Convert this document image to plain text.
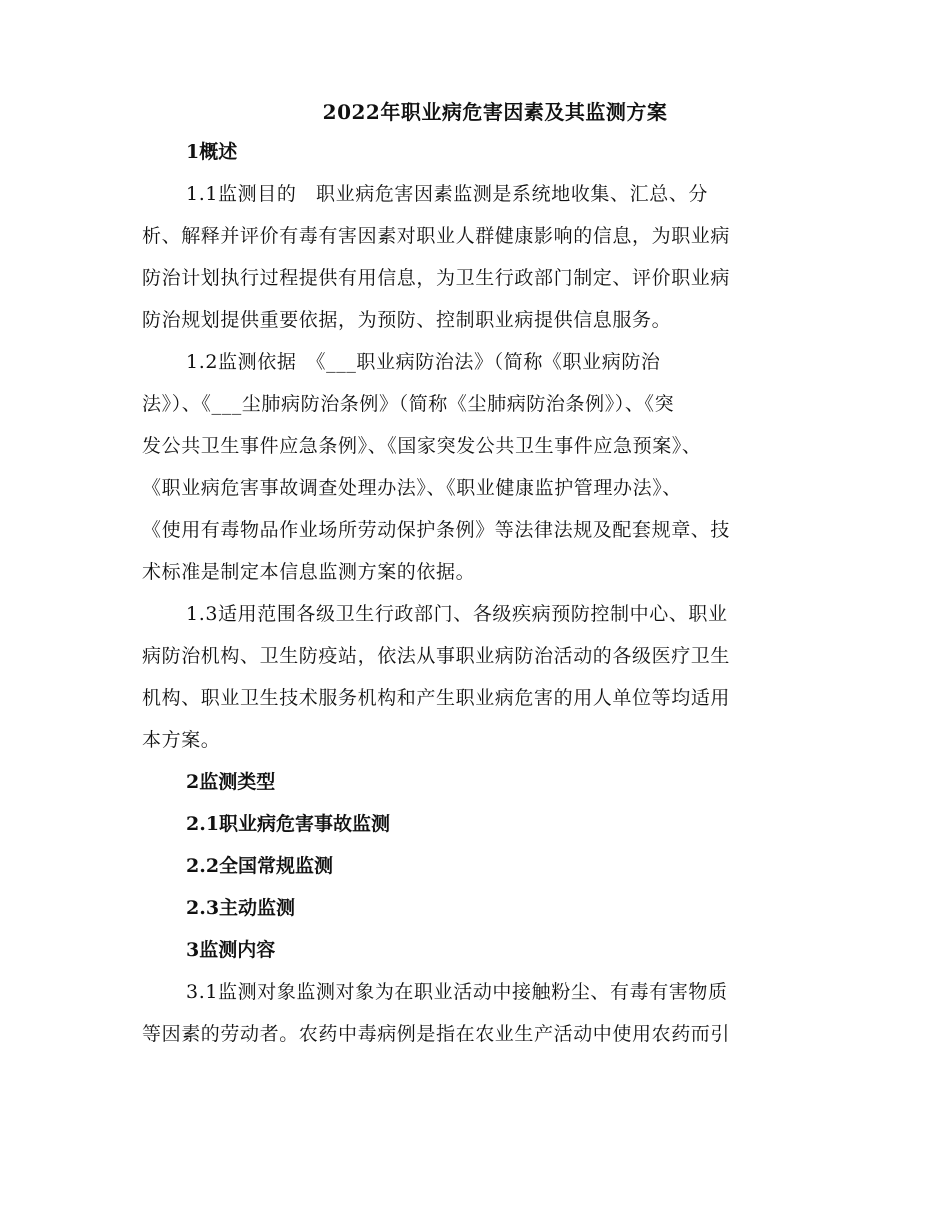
2022年职业病危害因素及其监测方案
1概述

1.1监测目的　职业病危害因素监测是系统地收集、汇总、分
析、解释并评价有毒有害因素对职业人群健康影响的信息，为职业病
防治计划执行过程提供有用信息，为卫生行政部门制定、评价职业病
防治规划提供重要依据，为预防、控制职业病提供信息服务。

1.2监测依据　《___职业病防治法》（简称《职业病防治
法》）、《___尘肺病防治条例》（简称《尘肺病防治条例》）、《突
发公共卫生事件应急条例》、《国家突发公共卫生事件应急预案》、
《职业病危害事故调查处理办法》、《职业健康监护管理办法》、
《使用有毒物品作业场所劳动保护条例》等法律法规及配套规章、技
术标准是制定本信息监测方案的依据。

1.3适用范围各级卫生行政部门、各级疾病预防控制中心、职业
病防治机构、卫生防疫站，依法从事职业病防治活动的各级医疗卫生
机构、职业卫生技术服务机构和产生职业病危害的用人单位等均适用
本方案。

2监测类型
2.1职业病危害事故监测
2.2全国常规监测
2.3主动监测
3监测内容

3.1监测对象监测对象为在职业活动中接触粉尘、有毒有害物质
等因素的劳动者。农药中毒病例是指在农业生产活动中使用农药而引
